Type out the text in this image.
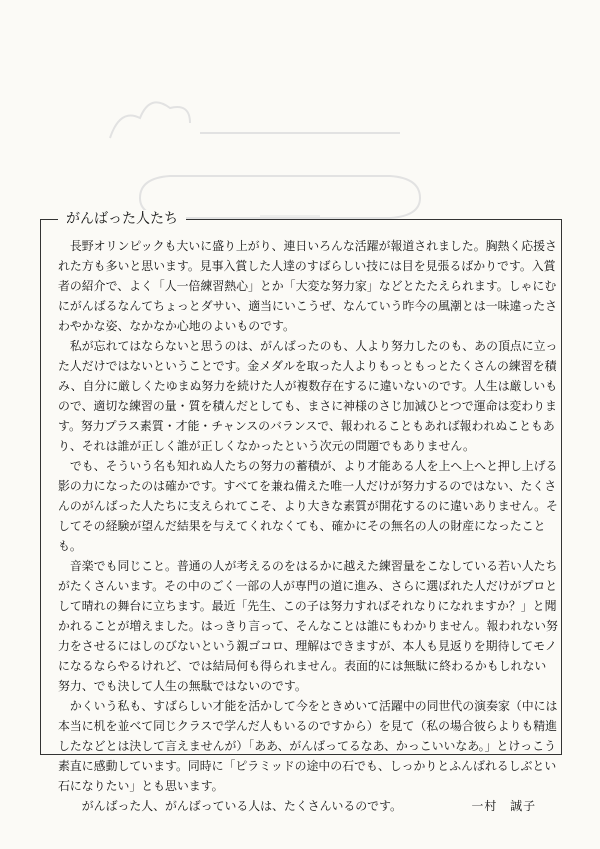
がんばった人たち

長野オリンピックも大いに盛り上がり、連日いろんな活躍が報道されました。胸熱く応援された方も多いと思います。見事入賞した人達のすばらしい技には目を見張るばかりです。入賞者の紹介で、よく「人一倍練習熱心」とか「大変な努力家」などとたたえられます。しゃにむにがんばるなんてちょっとダサい、適当にいこうぜ、なんていう昨今の風潮とは一味違ったさわやかな姿、なかなか心地のよいものです。

私が忘れてはならないと思うのは、がんばったのも、人より努力したのも、あの頂点に立った人だけではないということです。金メダルを取った人よりもっともっとたくさんの練習を積み、自分に厳しくたゆまぬ努力を続けた人が複数存在するに違いないのです。人生は厳しいもので、適切な練習の量・質を積んだとしても、まさに神様のさじ加減ひとつで運命は変わります。努力プラス素質・才能・チャンスのバランスで、報われることもあれば報われぬこともあり、それは誰が正しく誰が正しくなかったという次元の問題でもありません。

でも、そういう名も知れぬ人たちの努力の蓄積が、より才能ある人を上へ上へと押し上げる影の力になったのは確かです。すべてを兼ね備えた唯一人だけが努力するのではない、たくさんのがんばった人たちに支えられてこそ、より大きな素質が開花するのに違いありません。そしてその経験が望んだ結果を与えてくれなくても、確かにその無名の人の財産になったことも。

音楽でも同じこと。普通の人が考えるのをはるかに越えた練習量をこなしている若い人たちがたくさんいます。その中のごく一部の人が専門の道に進み、さらに選ばれた人だけがプロとして晴れの舞台に立ちます。最近「先生、この子は努力すればそれなりになれますか？」と聞かれることが増えました。はっきり言って、そんなことは誰にもわかりません。報われない努力をさせるにはしのびないという親ゴコロ、理解はできますが、本人も見返りを期待してモノになるならやるけれど、では結局何も得られません。表面的には無駄に終わるかもしれない努力、でも決して人生の無駄ではないのです。

かくいう私も、すばらしい才能を活かして今をときめいて活躍中の同世代の演奏家（中には本当に机を並べて同じクラスで学んだ人もいるのですから）を見て（私の場合彼らよりも精進したなどとは決して言えませんが）「ああ、がんばってるなあ、かっこいいなあ。」とけっこう素直に感動しています。同時に「ピラミッドの途中の石でも、しっかりとふんばれるしぶとい石になりたい」とも思います。

がんばった人、がんばっている人は、たくさんいるのです。	一村　誠子
